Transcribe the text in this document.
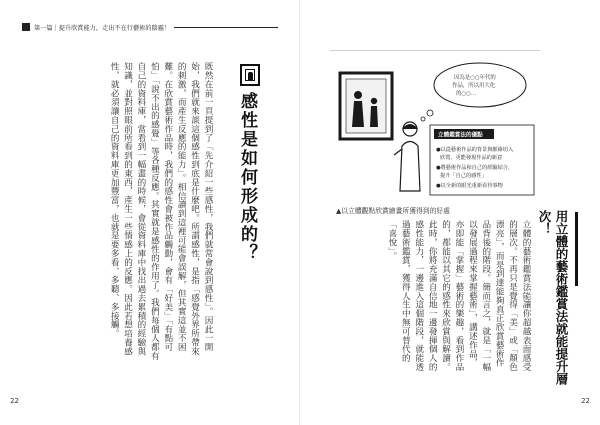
第一篇｜提升欣賞能力，走出不在行藝術的陰霾！
感性是如何形成的？
既然在前一頁提到了「先介紹一些感性，我們就常會說到感性」。因此一開始，我們就來談這個感性到底是什麼吧。所謂感性，是指「感覺外界所帶來的刺激，而產生反應的能力」。相信讀到這裡可能會誤解，但其實這並不困難。在欣賞藝術作品時，我們的感性會被作品觸動，會有「好美」「有點可怕」「說不出的感覺」等各種反應。其實就是感性的作用了。我們每個人都有自己的資料庫，當看到一幅畫的時候，會從資料庫中找出過去累積的經驗與知識，並對照眼前所看到的東西，產生一些情感上的反應。因此若想培養感性，就必須讓自己的資料庫更加豐富，也就是要多看、多聽、多接觸。
22
因為是○○年代的
作品，所以用大化
的○○…
立體鑑賞法的優點
●以從藝術作品的背景與脈絡切入
欣賞，更能發現作品的新意
●將藝術作品和自己的經驗結合，
提升「自己的感性」
●以全新的眼光重新看待事物
▲以立體觀點欣賞繪畫所獲得到的好處	用立體的藝術鑑賞法就能提升層次！
立體的藝術鑑賞法能讓你超越表面感受的層次。不再只是覺得「美」或「顏色漂亮」，而是到達能夠真正欣賞藝術作品背後的階段。簡而言之，就是「一幅以發展過程來掌握藝術」，講述作品，亦即能「掌握」藝術的樂趣，看到作品的，都能以其它的感性來欣賞與解讀。此時，你將充滿自信地一邊發揮個人的感性能力，一邊進入這個階段，就能透過藝術鑑賞，獲得人生中無可替代的「喜悅」。
22
